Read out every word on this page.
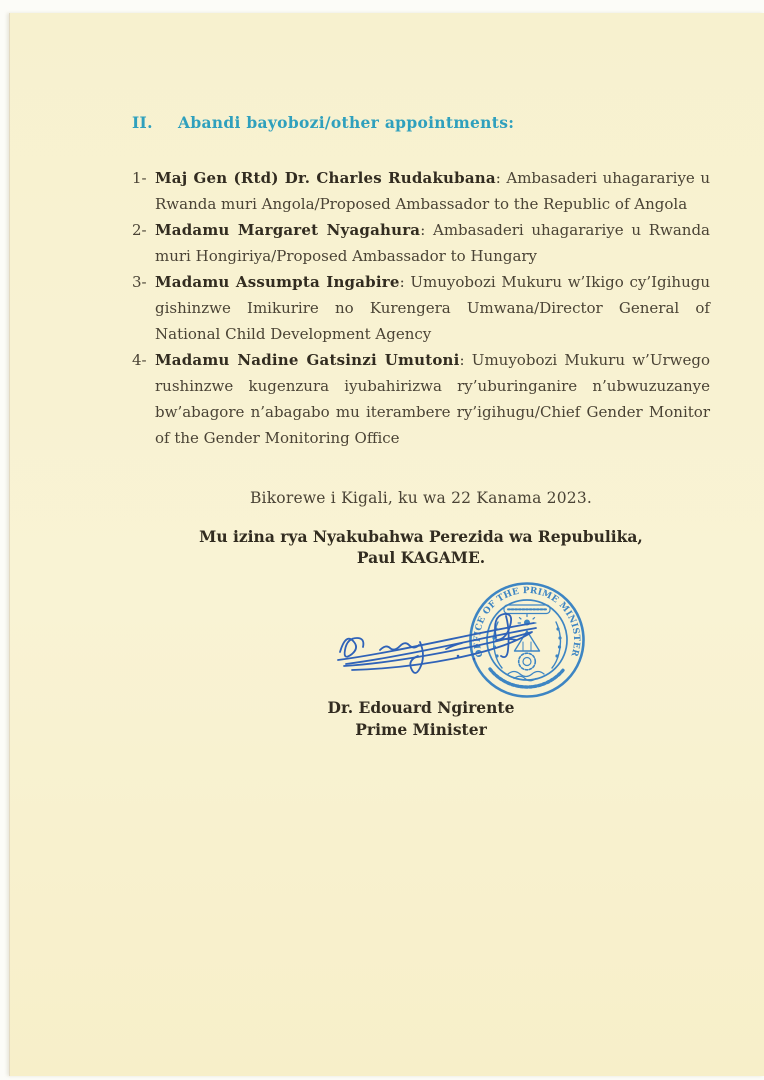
II.	Abandi bayobozi/other appointments:
1- Maj Gen (Rtd) Dr. Charles Rudakubana: Ambasaderi uhagarariye u Rwanda muri Angola/Proposed Ambassador to the Republic of Angola
2- Madamu Margaret Nyagahura: Ambasaderi uhagarariye u Rwanda muri Hongiriya/Proposed Ambassador to Hungary
3- Madamu Assumpta Ingabire: Umuyobozi Mukuru w’Ikigo cy’Igihugu gishinzwe Imikurire no Kurengera Umwana/Director General of National Child Development Agency
4- Madamu Nadine Gatsinzi Umutoni: Umuyobozi Mukuru w’Urwego rushinzwe kugenzura iyubahirizwa ry’uburinganire n’ubwuzuzanye bw’abagore n’abagabo mu iterambere ry’igihugu/Chief Gender Monitor of the Gender Monitoring Office
Bikorewe i Kigali, ku wa 22 Kanama 2023.
Mu izina rya Nyakubahwa Perezida wa Repubulika,
Paul KAGAME.
OFFICE OF THE PRIME MINISTER
Dr. Edouard Ngirente
Prime Minister
